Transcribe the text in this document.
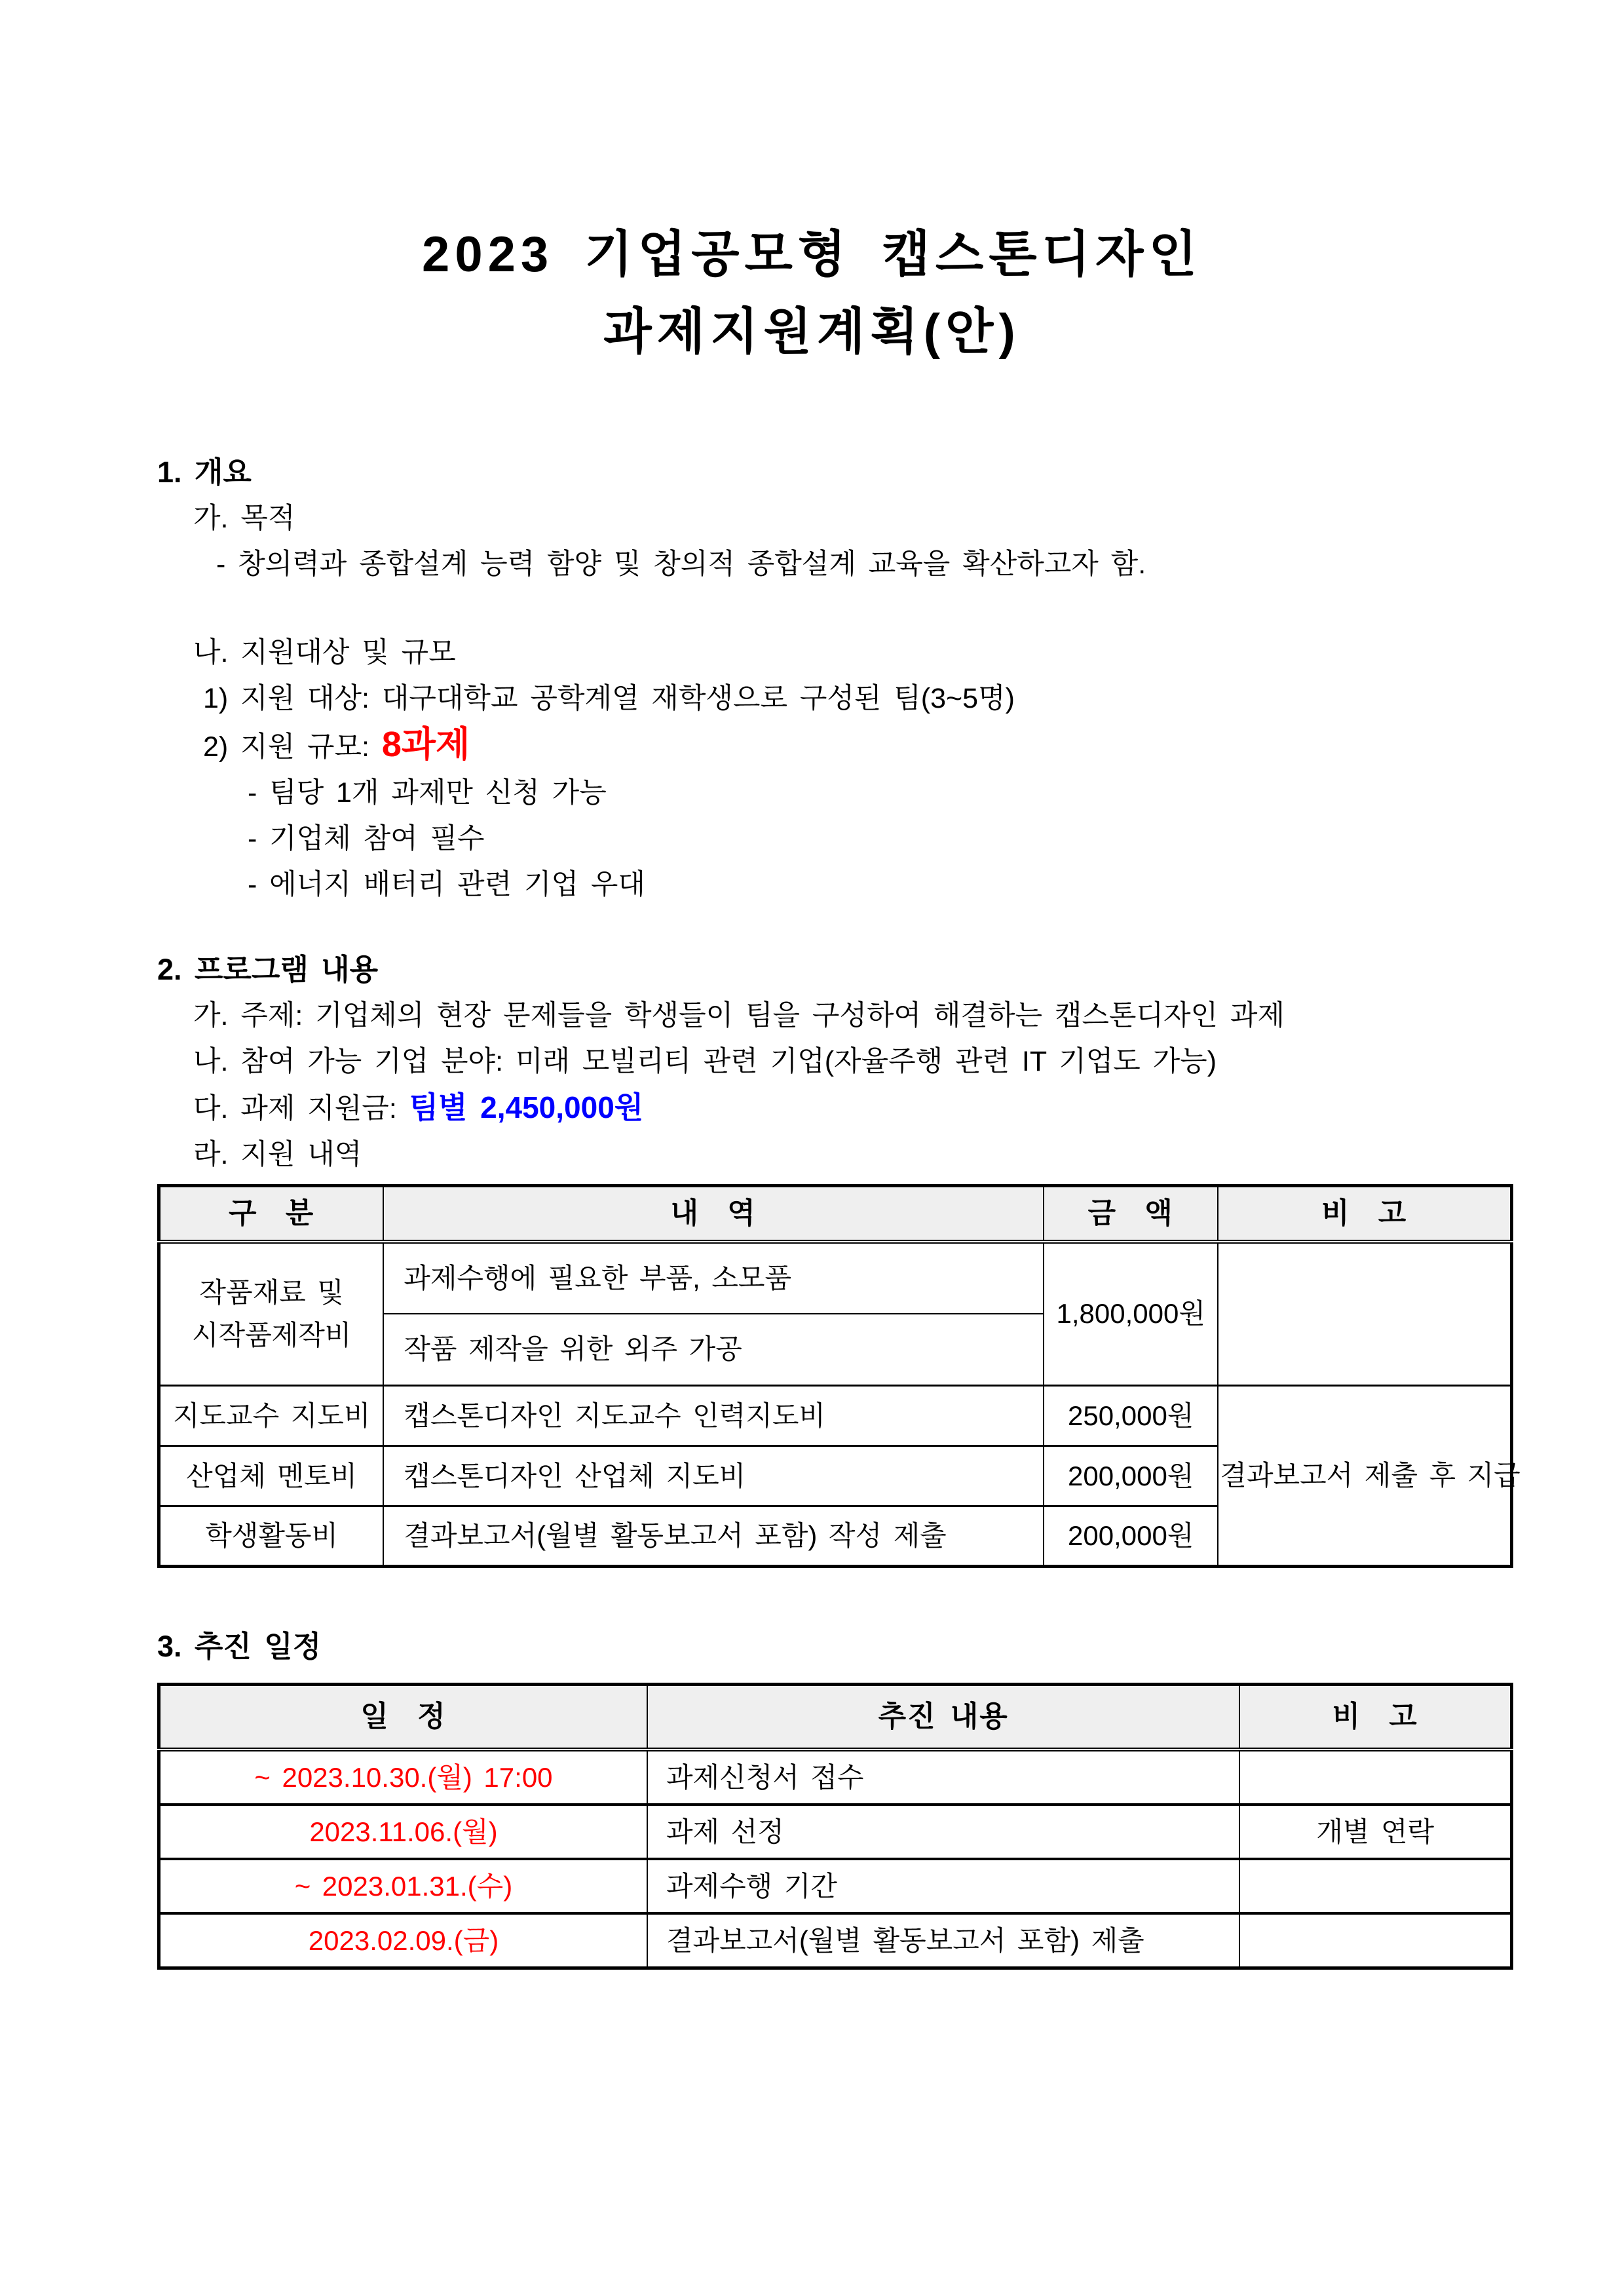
2023 기업공모형 캡스톤디자인
과제지원계획(안)
1. 개요
가. 목적
- 창의력과 종합설계 능력 함양 및 창의적 종합설계 교육을 확산하고자 함.
나. 지원대상 및 규모
1) 지원 대상: 대구대학교 공학계열 재학생으로 구성된 팀(3~5명)
2) 지원 규모: 8과제
- 팀당 1개 과제만 신청 가능
- 기업체 참여 필수
- 에너지 배터리 관련 기업 우대
2. 프로그램 내용
가. 주제: 기업체의 현장 문제들을 학생들이 팀을 구성하여 해결하는 캡스톤디자인 과제
나. 참여 가능 기업 분야: 미래 모빌리티 관련 기업(자율주행 관련 IT 기업도 가능)
다. 과제 지원금: 팀별 2,450,000원
라. 지원 내역
구  분	내  역	금  액	비  고

작품재료 및
시작품제작비	과제수행에 필요한 부품, 소모품	1,800,000원	
	작품 제작을 위한 외주 가공		
지도교수 지도비	캡스톤디자인 지도교수 인력지도비	250,000원	결과보고서 제출 후 지급
산업체 멘토비	캡스톤디자인 산업체 지도비	200,000원	
학생활동비	결과보고서(월별 활동보고서 포함) 작성 제출	200,000원	
3. 추진 일정
일  정	추진 내용	비  고
~ 2023.10.30.(월) 17:00	과제신청서 접수	
2023.11.06.(월)	과제 선정	개별 연락
~ 2023.01.31.(수)	과제수행 기간	
2023.02.09.(금)	결과보고서(월별 활동보고서 포함) 제출	
